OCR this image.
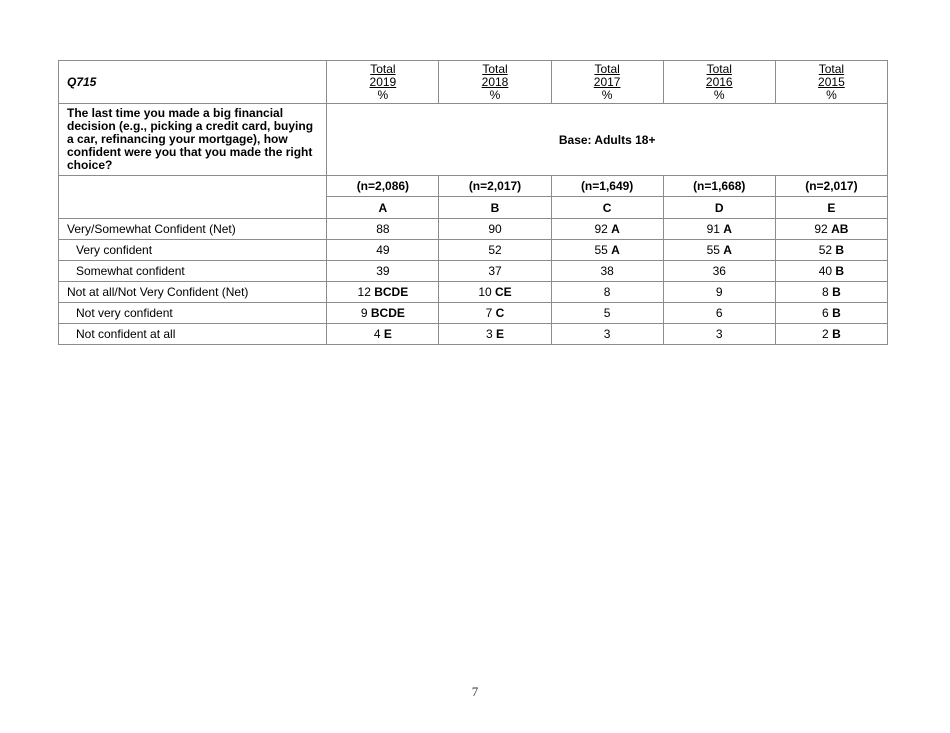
Q715	Total
2019
%	Total
2018
%	Total
2017
%	Total
2016
%	Total
2015
%

The last time you made a big financial decision (e.g., picking a credit card, buying a car, refinancing your mortgage), how confident were you that you made the right choice?	Base: Adults 18+				
	(n=2,086)	(n=2,017)	(n=1,649)	(n=1,668)	(n=2,017)
	A	B	C	D	E
Very/Somewhat Confident (Net)	88	90	92 A	91 A	92 AB
Very confident	49	52	55 A	55 A	52 B
Somewhat confident	39	37	38	36	40 B
Not at all/Not Very Confident (Net)	12 BCDE	10 CE	8	9	8 B
Not very confident	9 BCDE	7 C	5	6	6 B
Not confident at all	4 E	3 E	3	3	2 B
7
